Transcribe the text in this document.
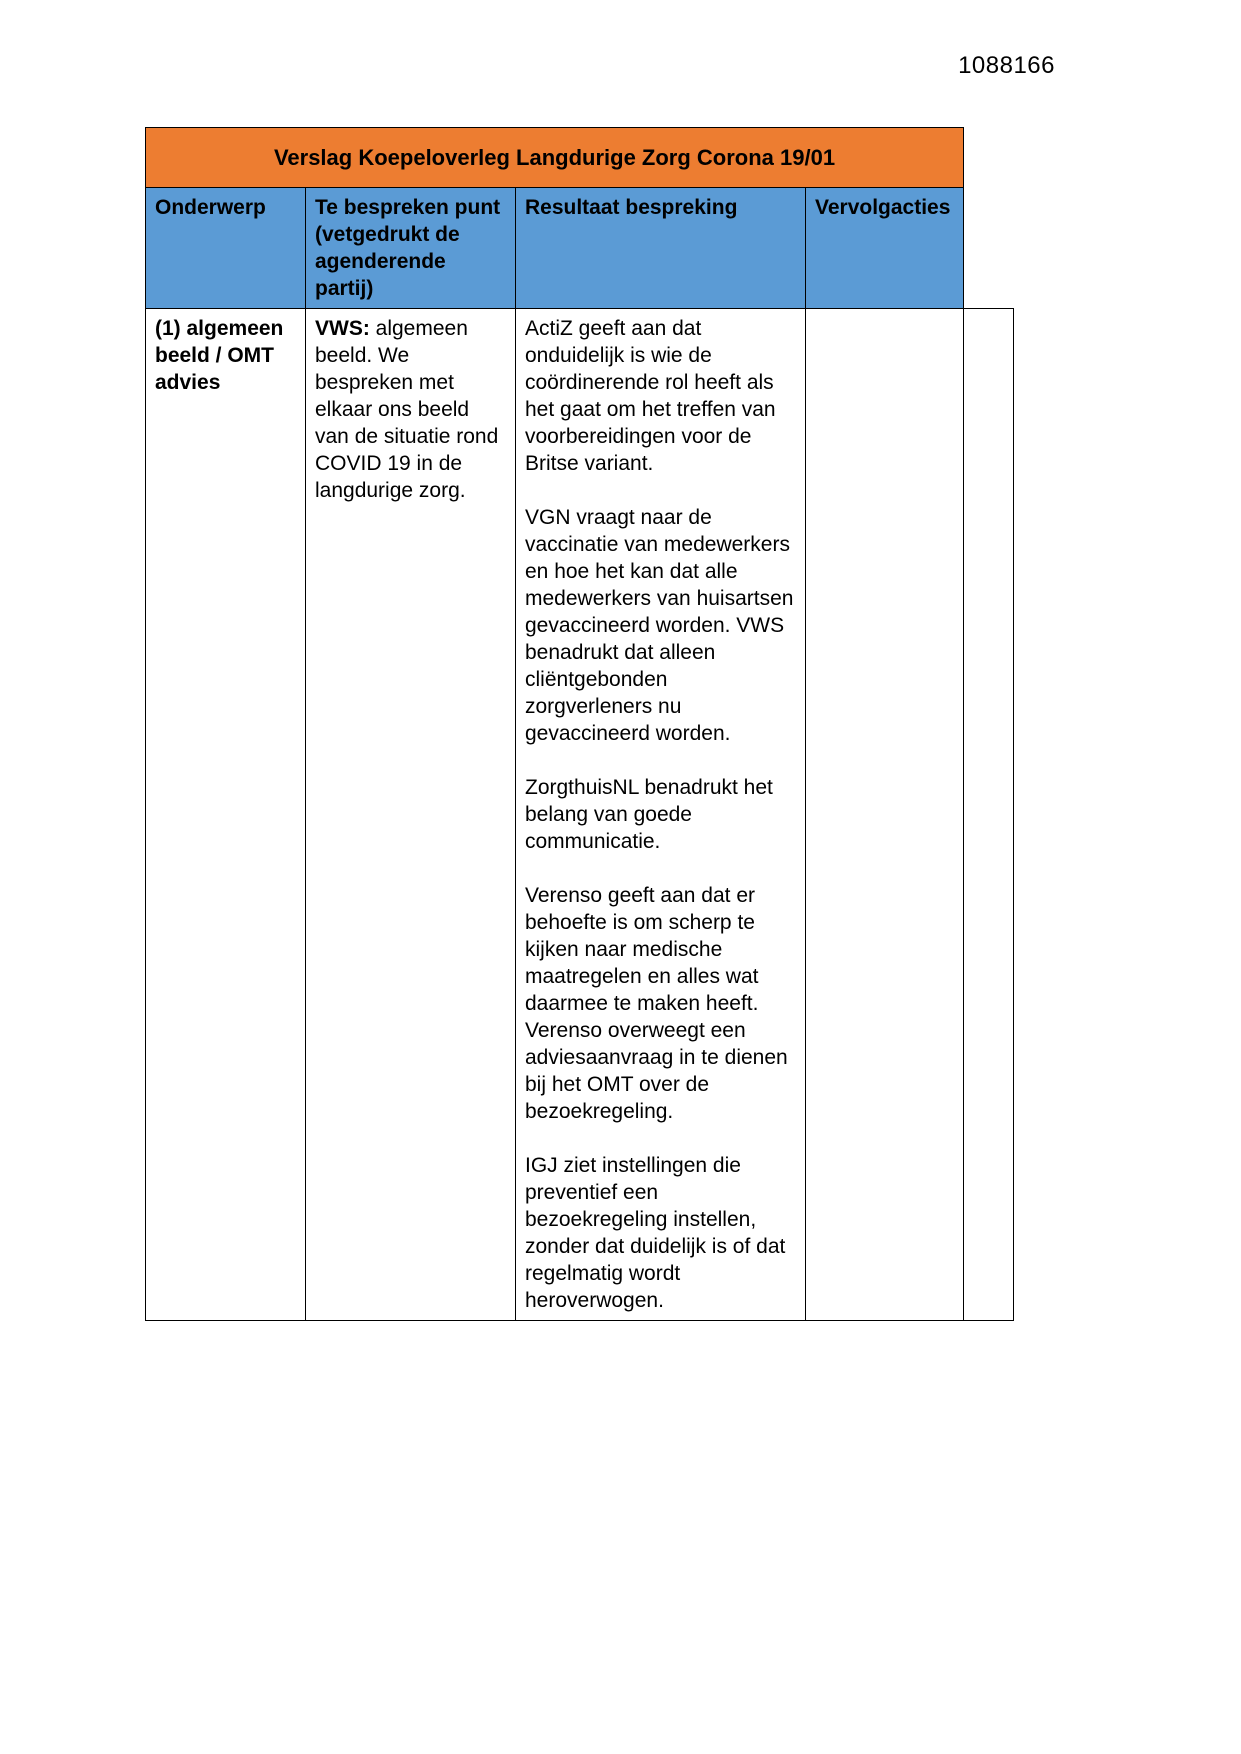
1088166
Verslag Koepeloverleg Langdurige Zorg Corona 19/01				
Onderwerp	Te bespreken punt (vetgedrukt de agenderende partij)	Resultaat bespreking	Vervolgacties	
(1) algemeen beeld / OMT advies	VWS: algemeen beeld. We bespreken met elkaar ons beeld van de situatie rond COVID 19 in de langdurige zorg.	ActiZ geeft aan dat onduidelijk is wie de coördinerende rol heeft als het gaat om het treffen van voorbereidingen voor de Britse variant.

VGN vraagt naar de vaccinatie van medewerkers en hoe het kan dat alle medewerkers van huisartsen gevaccineerd worden. VWS benadrukt dat alleen cliëntgebonden zorgverleners nu gevaccineerd worden.

ZorgthuisNL benadrukt het belang van goede communicatie.

Verenso geeft aan dat er behoefte is om scherp te kijken naar medische maatregelen en alles wat daarmee te maken heeft. Verenso overweegt een adviesaanvraag in te dienen bij het OMT over de bezoekregeling.

IGJ ziet instellingen die preventief een bezoekregeling instellen, zonder dat duidelijk is of dat regelmatig wordt heroverwogen.		
